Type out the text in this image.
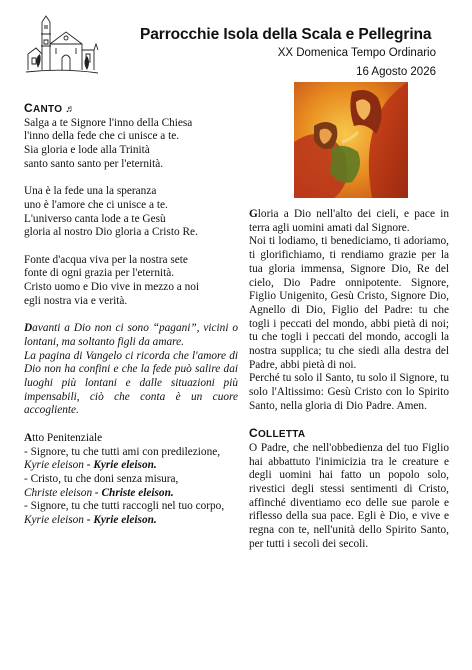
Parrocchie Isola della Scala e Pellegrina
XX Domenica Tempo Ordinario
16 Agosto 2026
CANTO ♬

Salga a te Signore l'inno della Chiesa

l'inno della fede che ci unisce a te.

Sia gloria e lode alla Trinità

santo santo santo per l'eternità.

Una è la fede una la speranza

uno è l'amore che ci unisce a te.

L'universo canta lode a te Gesù

gloria al nostro Dio gloria a Cristo Re.

Fonte d'acqua viva per la nostra sete

fonte di ogni grazia per l'eternità.

Cristo uomo e Dio vive in mezzo a noi

egli nostra via e verità.

Davanti a Dio non ci sono “pagani”, vicini o lontani, ma soltanto figli da amare.

La pagina di Vangelo ci ricorda che l'amore di Dio non ha confini e che la fede può salire dai luoghi più lontani e dalle situazioni più impensabili, ciò che conta è un cuore accogliente.

Atto Penitenziale

- Signore, tu che tutti ami con predilezione,

Kyrie eleison - Kyrie eleison.

- Cristo, tu che doni senza misura,

Christe eleison - Christe eleison.

- Signore, tu che tutti raccogli nel tuo corpo,

Kyrie eleison - Kyrie eleison.

Gloria a Dio nell'alto dei cieli, e pace in terra agli uomini amati dal Signore.

Noi ti lodiamo, ti benediciamo, ti adoriamo, ti glorifichiamo, ti rendiamo grazie per la tua gloria immensa, Signore Dio, Re del cielo, Dio Padre onnipotente. Signore, Figlio Unigenito, Gesù Cristo, Signore Dio, Agnello di Dio, Figlio del Padre: tu che togli i peccati del mondo, abbi pietà di noi; tu che togli i peccati del mondo, accogli la nostra supplica; tu che siedi alla destra del Padre, abbi pietà di noi.

Perché tu solo il Santo, tu solo il Signore, tu solo l'Altissimo: Gesù Cristo con lo Spirito Santo, nella gloria di Dio Padre. Amen.

COLLETTA

O Padre, che nell'obbedienza del tuo Figlio hai abbattuto l'inimicizia tra le creature e degli uomini hai fatto un popolo solo, rivestici degli stessi sentimenti di Cristo, affinché diventiamo eco delle sue parole e riflesso della sua pace. Egli è Dio, e vive e regna con te, nell'unità dello Spirito Santo, per tutti i secoli dei secoli.
